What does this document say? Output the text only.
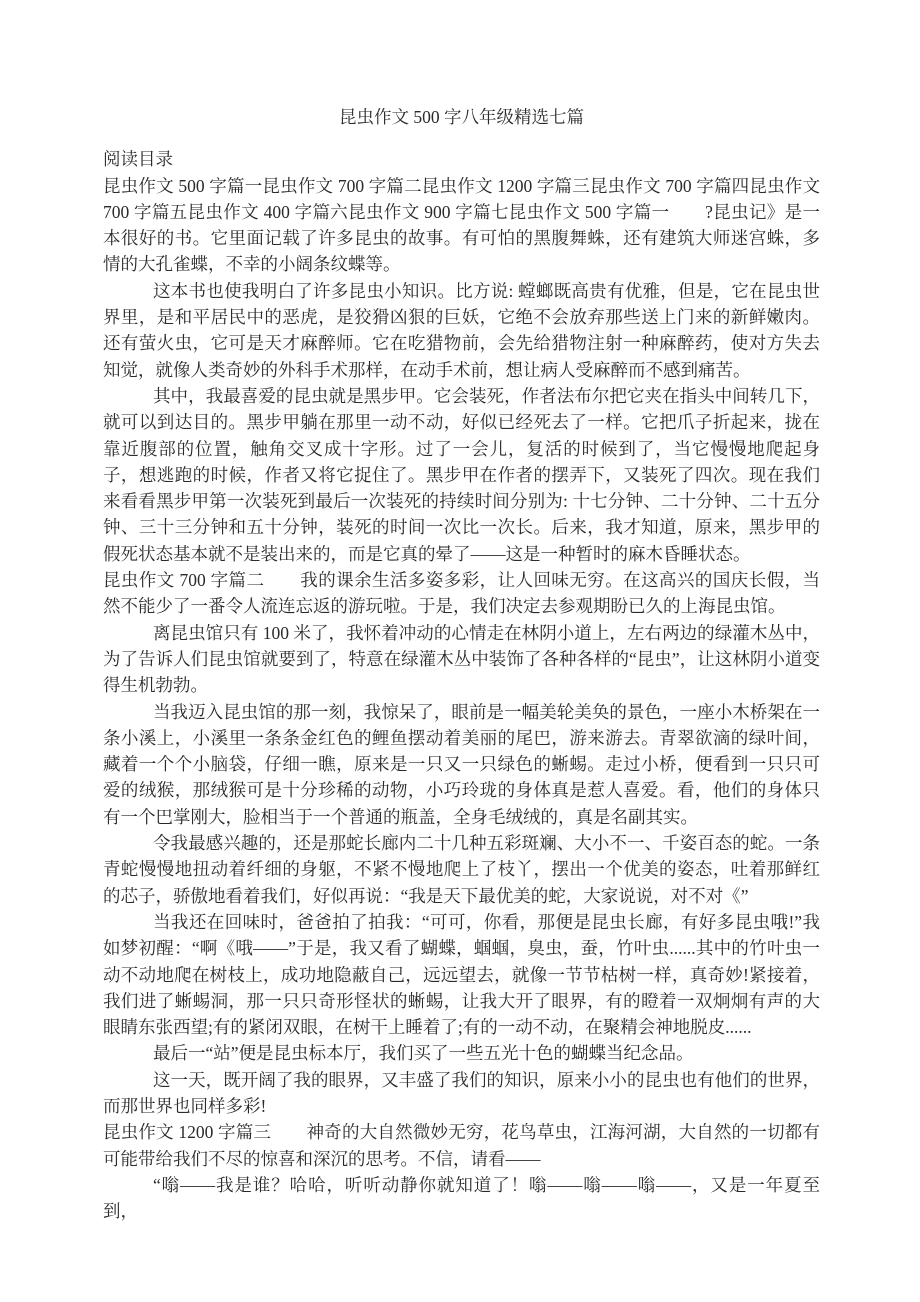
昆虫作文 500 字八年级精选七篇

阅读目录

昆虫作文 500 字篇一昆虫作文 700 字篇二昆虫作文 1200 字篇三昆虫作文 700 字篇四昆虫作文 700 字篇五昆虫作文 400 字篇六昆虫作文 900 字篇七昆虫作文 500 字篇一　　?昆虫记》是一本很好的书。它里面记载了许多昆虫的故事。有可怕的黑腹舞蛛，还有建筑大师迷宫蛛，多情的大孔雀蝶，不幸的小阔条纹蝶等。

这本书也使我明白了许多昆虫小知识。比方说: 螳螂既高贵有优雅，但是，它在昆虫世界里，是和平居民中的恶虎，是狡猾凶狠的巨妖，它绝不会放弃那些送上门来的新鲜嫩肉。还有萤火虫，它可是天才麻醉师。它在吃猎物前，会先给猎物注射一种麻醉药，使对方失去知觉，就像人类奇妙的外科手术那样，在动手术前，想让病人受麻醉而不感到痛苦。

其中，我最喜爱的昆虫就是黑步甲。它会装死，作者法布尔把它夹在指头中间转几下，就可以到达目的。黑步甲躺在那里一动不动，好似已经死去了一样。它把爪子折起来，拢在靠近腹部的位置，触角交叉成十字形。过了一会儿，复活的时候到了，当它慢慢地爬起身子，想逃跑的时候，作者又将它捉住了。黑步甲在作者的摆弄下，又装死了四次。现在我们来看看黑步甲第一次装死到最后一次装死的持续时间分别为: 十七分钟、二十分钟、二十五分钟、三十三分钟和五十分钟，装死的时间一次比一次长。后来，我才知道，原来，黑步甲的假死状态基本就不是装出来的，而是它真的晕了——这是一种暂时的麻木昏睡状态。

昆虫作文 700 字篇二　　我的课余生活多姿多彩，让人回味无穷。在这高兴的国庆长假，当然不能少了一番令人流连忘返的游玩啦。于是，我们决定去参观期盼已久的上海昆虫馆。

离昆虫馆只有 100 米了，我怀着冲动的心情走在林阴小道上，左右两边的绿灌木丛中，为了告诉人们昆虫馆就要到了，特意在绿灌木丛中装饰了各种各样的“昆虫”，让这林阴小道变得生机勃勃。

当我迈入昆虫馆的那一刻，我惊呆了，眼前是一幅美轮美奂的景色，一座小木桥架在一条小溪上，小溪里一条条金红色的鲤鱼摆动着美丽的尾巴，游来游去。青翠欲滴的绿叶间，藏着一个个小脑袋，仔细一瞧，原来是一只又一只绿色的蜥蜴。走过小桥，便看到一只只可爱的绒猴，那绒猴可是十分珍稀的动物，小巧玲珑的身体真是惹人喜爱。看，他们的身体只有一个巴掌刚大，脸相当于一个普通的瓶盖，全身毛绒绒的，真是名副其实。

令我最感兴趣的，还是那蛇长廊内二十几种五彩斑斓、大小不一、千姿百态的蛇。一条青蛇慢慢地扭动着纤细的身躯，不紧不慢地爬上了枝丫，摆出一个优美的姿态，吐着那鲜红的芯子，骄傲地看着我们，好似再说：“我是天下最优美的蛇，大家说说，对不对《”

当我还在回味时，爸爸拍了拍我：“可可，你看，那便是昆虫长廊，有好多昆虫哦!”我如梦初醒：“啊《哦——”于是，我又看了蝴蝶，蝈蝈，臭虫，蚕，竹叶虫......其中的竹叶虫一动不动地爬在树枝上，成功地隐蔽自己，远远望去，就像一节节枯树一样，真奇妙!紧接着，我们进了蜥蜴洞，那一只只奇形怪状的蜥蜴，让我大开了眼界，有的瞪着一双炯炯有声的大眼睛东张西望;有的紧闭双眼，在树干上睡着了;有的一动不动，在聚精会神地脱皮......

最后一“站”便是昆虫标本厅，我们买了一些五光十色的蝴蝶当纪念品。

这一天，既开阔了我的眼界，又丰盛了我们的知识，原来小小的昆虫也有他们的世界，而那世界也同样多彩!

昆虫作文 1200 字篇三　　神奇的大自然微妙无穷，花鸟草虫，江海河湖，大自然的一切都有可能带给我们不尽的惊喜和深沉的思考。不信，请看——

“嗡——我是谁？哈哈，听听动静你就知道了！嗡——嗡——嗡——，又是一年夏至到，
